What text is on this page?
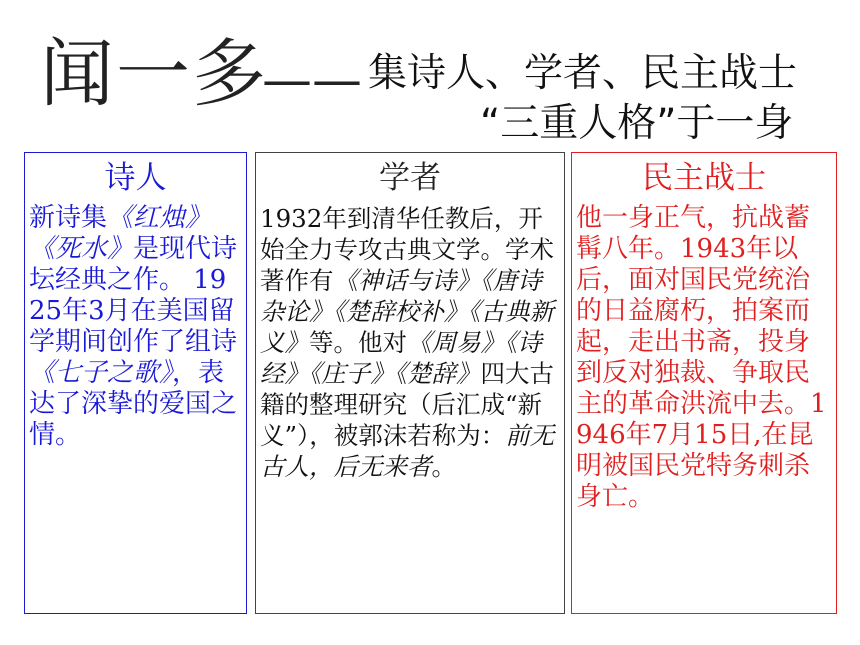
闻一多
—— 集诗人、学者、民主战士
“三重人格”于一身
诗人
新诗集《红烛》
《死水》是现代诗坛经典之作。 1925年3月在美国留学期间创作了组诗《七子之歌》，表达了深挚的爱国之情。
学者
1932年到清华任教后，开始全力专攻古典文学。学术著作有《神话与诗》《唐诗杂论》《楚辞校补》《古典新义》等。他对《周易》《诗经》《庄子》《楚辞》四大古籍的整理研究（后汇成“新义”），被郭沫若称为：前无古人，后无来者。
民主战士
他一身正气，抗战蓄髯八年。1943年以后，面对国民党统治的日益腐朽，拍案而起，走出书斋，投身到反对独裁、争取民主的革命洪流中去。1946年7月15日,在昆明被国民党特务刺杀身亡。
